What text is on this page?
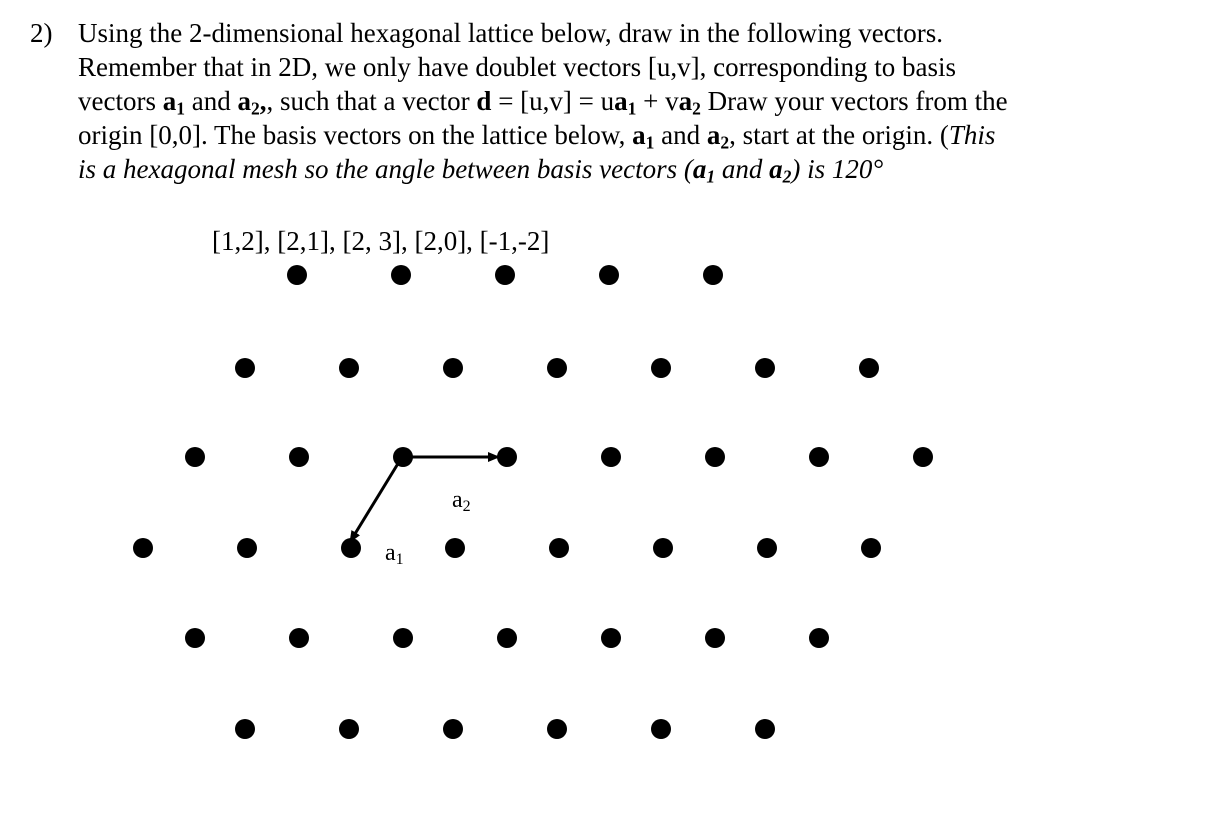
2) Using the 2-dimensional hexagonal lattice below, draw in the following vectors.
Remember that in 2D, we only have doublet vectors [u,v], corresponding to basis
vectors $a_1$ and $a_2$,, such that a vector $d = [u,v] = ua_1 + va_2$ Draw your vectors from the
origin [0,0]. The basis vectors on the lattice below, $a_1$ and $a_2$, start at the origin. (This
is a hexagonal mesh so the angle between basis vectors ($a_1$ and $a_2$) is 120°
[1,2], [2,1], [2, 3], [2,0], [-1,-2]
a2
a1
